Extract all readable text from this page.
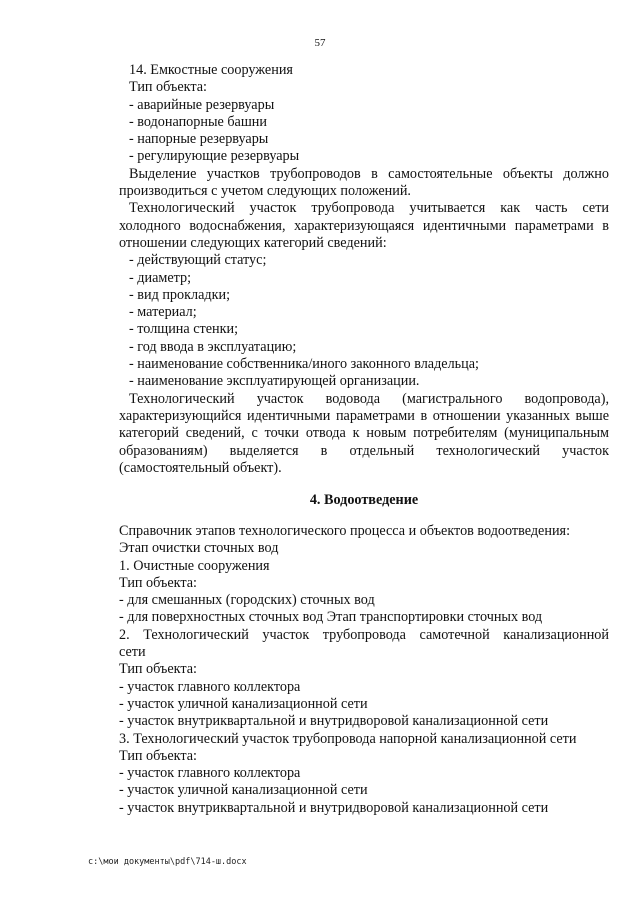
57
14. Емкостные сооружения
Тип объекта:
- аварийные резервуары
- водонапорные башни
- напорные резервуары
- регулирующие резервуары
Выделение участков трубопроводов в самостоятельные объекты должно
производиться с учетом следующих положений.
Технологический участок трубопровода учитывается как часть сети
холодного водоснабжения, характеризующаяся идентичными параметрами в
отношении следующих категорий сведений:
- действующий статус;
- диаметр;
- вид прокладки;
- материал;
- толщина стенки;
- год ввода в эксплуатацию;
- наименование собственника/иного законного владельца;
- наименование эксплуатирующей организации.
Технологический участок водовода (магистрального водопровода),
характеризующийся идентичными параметрами в отношении указанных выше
категорий сведений, с точки отвода к новым потребителям (муниципальным
образованиям) выделяется в отдельный технологический участок
(самостоятельный объект).
4. Водоотведение
Справочник этапов технологического процесса и объектов водоотведения:
Этап очистки сточных вод
1. Очистные сооружения
Тип объекта:
- для смешанных (городских) сточных вод
- для поверхностных сточных вод Этап транспортировки сточных вод
2. Технологический участок трубопровода самотечной канализационной
сети
Тип объекта:
- участок главного коллектора
- участок уличной канализационной сети
- участок внутриквартальной и внутридворовой канализационной сети
3. Технологический участок трубопровода напорной канализационной сети
Тип объекта:
- участок главного коллектора
- участок уличной канализационной сети
- участок внутриквартальной и внутридворовой канализационной сети
c:\мои документы\pdf\714-ш.docx
